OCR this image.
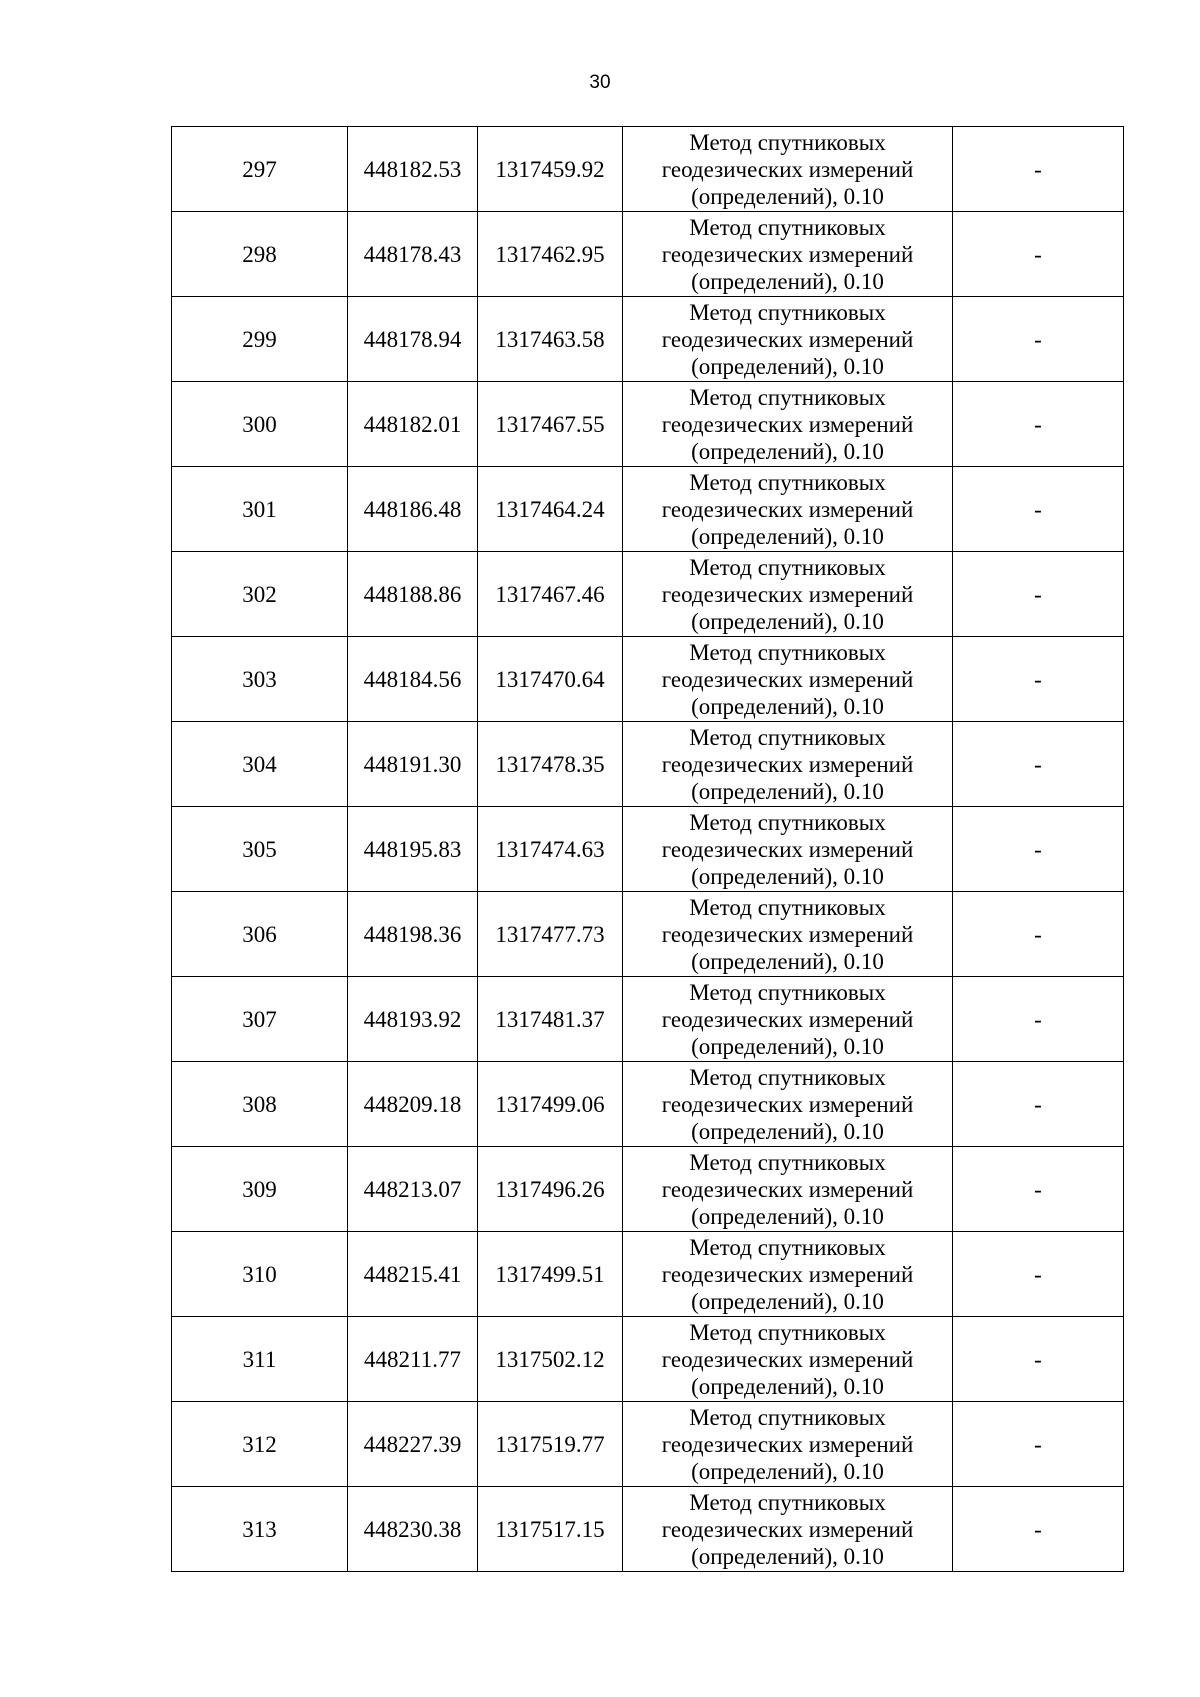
30
297	448182.53	1317459.92	Метод спутниковых
геодезических измерений
(определений), 0.10	-
298	448178.43	1317462.95	Метод спутниковых
геодезических измерений
(определений), 0.10	-
299	448178.94	1317463.58	Метод спутниковых
геодезических измерений
(определений), 0.10	-
300	448182.01	1317467.55	Метод спутниковых
геодезических измерений
(определений), 0.10	-
301	448186.48	1317464.24	Метод спутниковых
геодезических измерений
(определений), 0.10	-
302	448188.86	1317467.46	Метод спутниковых
геодезических измерений
(определений), 0.10	-
303	448184.56	1317470.64	Метод спутниковых
геодезических измерений
(определений), 0.10	-
304	448191.30	1317478.35	Метод спутниковых
геодезических измерений
(определений), 0.10	-
305	448195.83	1317474.63	Метод спутниковых
геодезических измерений
(определений), 0.10	-
306	448198.36	1317477.73	Метод спутниковых
геодезических измерений
(определений), 0.10	-
307	448193.92	1317481.37	Метод спутниковых
геодезических измерений
(определений), 0.10	-
308	448209.18	1317499.06	Метод спутниковых
геодезических измерений
(определений), 0.10	-
309	448213.07	1317496.26	Метод спутниковых
геодезических измерений
(определений), 0.10	-
310	448215.41	1317499.51	Метод спутниковых
геодезических измерений
(определений), 0.10	-
311	448211.77	1317502.12	Метод спутниковых
геодезических измерений
(определений), 0.10	-
312	448227.39	1317519.77	Метод спутниковых
геодезических измерений
(определений), 0.10	-
313	448230.38	1317517.15	Метод спутниковых
геодезических измерений
(определений), 0.10	-
